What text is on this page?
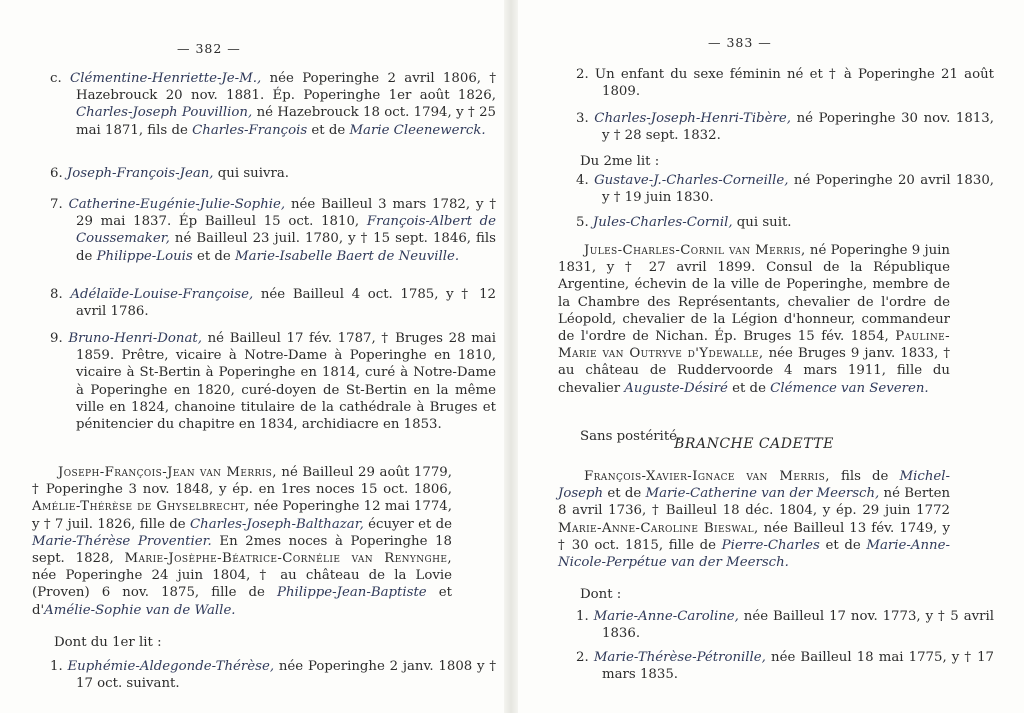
— 382 —

c. Clémentine-Henriette-Je-M., née Poperinghe 2 avril 1806, † Hazebrouck 20 nov. 1881. Ép. Poperinghe 1er août 1826, Charles-Joseph Pouvillion, né Hazebrouck 18 oct. 1794, y † 25 mai 1871, fils de Charles-François et de Marie Cleenewerck.

6. Joseph-François-Jean, qui suivra.

7. Catherine-Eugénie-Julie-Sophie, née Bailleul 3 mars 1782, y † 29 mai 1837. Ép Bailleul 15 oct. 1810, François-Albert de Coussemaker, né Bailleul 23 juil. 1780, y † 15 sept. 1846, fils de Philippe-Louis et de Marie-Isabelle Baert de Neuville.

8. Adélaïde-Louise-Françoise, née Bailleul 4 oct. 1785, y † 12 avril 1786.

9. Bruno-Henri-Donat, né Bailleul 17 fév. 1787, † Bruges 28 mai 1859. Prêtre, vicaire à Notre-Dame à Poperinghe en 1810, vicaire à St-Bertin à Poperinghe en 1814, curé à Notre-Dame à Poperinghe en 1820, curé-doyen de St-Bertin en la même ville en 1824, chanoine titulaire de la cathédrale à Bruges et pénitencier du chapitre en 1834, archidiacre en 1853.

Joseph-François-Jean van Merris, né Bailleul 29 août 1779, † Poperinghe 3 nov. 1848, y ép. en 1res noces 15 oct. 1806, Amélie-Thérèse de Ghyselbrecht, née Poperinghe 12 mai 1774, y † 7 juil. 1826, fille de Charles-Joseph-Balthazar, écuyer et de Marie-Thérèse Proventier. En 2mes noces à Poperinghe 18 sept. 1828, Marie-Josèphe-Béatrice-Cornélie van Renynghe, née Poperinghe 24 juin 1804, † au château de la Lovie (Proven) 6 nov. 1875, fille de Philippe-Jean-Baptiste et d'Amélie-Sophie van de Walle.

Dont du 1er lit :

1. Euphémie-Aldegonde-Thérèse, née Poperinghe 2 janv. 1808 y † 17 oct. suivant.

— 383 —

2. Un enfant du sexe féminin né et † à Poperinghe 21 août 1809.

3. Charles-Joseph-Henri-Tibère, né Poperinghe 30 nov. 1813, y † 28 sept. 1832.

Du 2me lit :

4. Gustave-J.-Charles-Corneille, né Poperinghe 20 avril 1830, y † 19 juin 1830.

5. Jules-Charles-Cornil, qui suit.

Jules-Charles-Cornil van Merris, né Poperinghe 9 juin 1831, y † 27 avril 1899. Consul de la République Argentine, échevin de la ville de Poperinghe, membre de la Chambre des Représentants, chevalier de l'ordre de Léopold, chevalier de la Légion d'honneur, commandeur de l'ordre de Nichan. Ép. Bruges 15 fév. 1854, Pauline-Marie van Outryve d'Ydewalle, née Bruges 9 janv. 1833, † au château de Ruddervoorde 4 mars 1911, fille du chevalier Auguste-Désiré et de Clémence van Severen.

Sans postérité.

BRANCHE CADETTE

François-Xavier-Ignace van Merris, fils de Michel-Joseph et de Marie-Catherine van der Meersch, né Berten 8 avril 1736, † Bailleul 18 déc. 1804, y ép. 29 juin 1772 Marie-Anne-Caroline Bieswal, née Bailleul 13 fév. 1749, y † 30 oct. 1815, fille de Pierre-Charles et de Marie-Anne-Nicole-Perpétue van der Meersch.

Dont :

1. Marie-Anne-Caroline, née Bailleul 17 nov. 1773, y † 5 avril 1836.

2. Marie-Thérèse-Pétronille, née Bailleul 18 mai 1775, y † 17 mars 1835.
